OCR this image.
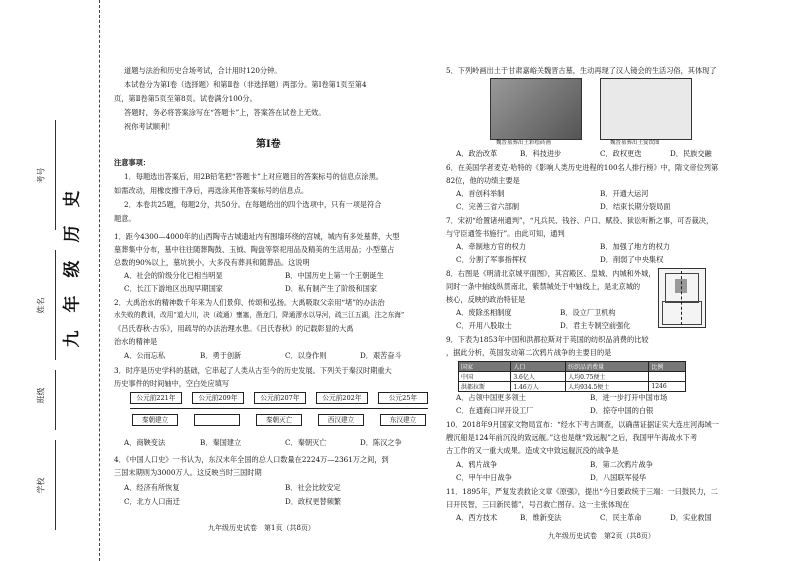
考号
姓名
班级
学校
九年级历史
道题与法治和历史合场考试，合计用时120分钟。
本试卷分为第Ⅰ卷（选择题）和第Ⅱ卷（非选择题）两部分。第Ⅰ卷第1页至第4
页，第Ⅱ卷第5页至第8页。试卷满分100分。
答题时，务必将答案涂写在“答题卡”上，答案答在试卷上无效。
祝你考试顺利！
第Ⅰ卷
注意事项：
1．每题选出答案后，用2B铅笔把“答题卡”上对应题目的答案标号的信息点涂黑。
如需改动，用橡皮擦干净后，再选涂其他答案标号的信息点。
2．本卷共25题，每题2分，共50分。在每题给出的四个选项中，只有一项是符合
题意。
1．距今4300—4000年的山西陶寺古城遗址内有围墙环绕的宫城，城内有多处墓葬，大型
墓葬集中分布，墓中往往随葬陶鼓、玉钺、陶盘等祭祀用品及精美的生活用品；小型墓占
总数的90%以上，墓坑狭小，大多没有葬具和随葬品。这说明
A．社会的阶级分化已相当明显	B．中国历史上第一个王朝诞生
C．长江下游地区出现早期国家	D．私有制产生了阶级和国家
2．大禹治水的精神数千年来为人们景仰、传颂和弘扬。大禹吸取父亲用“堵”的办法治
水失败的教训，改用“道大川，决（疏通）壅塞，凿龙门，降通漻水以导河，疏三江五湖，注之东海”
《吕氏春秋·古乐》，用疏导的办法治理水患。《吕氏春秋》的记载彰显的大禹
治水的精神是
A．公而忘私	B．勇于创新	C．以身作则	D．艰苦奋斗
3．时序是历史学科的基础，它串起了人类从古至今的历史发展。下列关于秦汉时期重大
历史事件的时间轴中，空白处应填写
公元前221年	公元前209年	公元前207年	公元前202年	公元25年
秦朝建立	秦朝灭亡	西汉建立	东汉建立
A．商鞅变法	B．秦国建立	C．秦朝灭亡	D．陈汉之争
4．《中国人口史》一书认为，东汉末年全国的总人口数量在2224万—2361万之间，到
三国末期则为3000万人。这反映当时三国时期
A．经济有所恢复	B．社会比较安定
C．北方人口南迁	D．政权更替频繁
九年级历史试卷　第1页（共8页）
5．下列岭画出土于甘肃嘉峪关魏晋古墓，生动再现了汉人镜会的生活习俗，其体现了
魏晋墓葬出土彩绘砖画	魏晋墓葬出土宴饮图
A．政治改革	B．科技进步	C．政权更迭	D．民族交融
6．在美国学者麦克·哈特的《影响人类历史进程的100名人排行榜》中，隋文帝位列第
82位，他的功绩主要是
A．首创科举制	B．开通大运河
C．完善三省六部制	D．结束长期分裂局面
7．宋初“给置诸州通判”，“凡兵民、钱谷、户口、赋役、狱讼听断之事，可否裁决，
与守臣通签书施行”。由此可知，通判
A．牵制地方官的权力	B．加强了地方的权力
C．分割了军事指挥权	D．削弱了中央集权
8．右图是《明清北京城平面图》，其宫殿区、皇城、内城和外城，
同时一条中轴线纵贯南北，紫禁城处于中轴线上，是北京城的
核心，反映的政治特征是
A．废除丞相制度	B．设立厂卫机构
C．开用八股取士	D．君主专制空前强化
9．下表为1853年中国和洪都拉斯对于英国的纺织品消费的比较
，据此分析，英国发动第二次鸦片战争的主要目的是
国家	人口	纺织品消费量	比例
中国	3.6亿人	人均0.75便士	
洪都拉斯	1.46万人	人均934.5便士	1246
A．占领中国更多领土	B．进一步打开中国市场
C．在通商口岸开设工厂	D．掠夺中国的白银
10．2018年9月国家文物局宣布：“经水下考古调查，以确凿证据证实大连庄河海域一
艘沉船是124年前沉没的致远舰。”这也是继“致远舰”之后，我国甲午海战水下考
古工作的又一重大成果。造成文中致远舰沉没的战争是
A．鸦片战争	B．第二次鸦片战争
C．甲午中日战争	D．八国联军侵华
11．1895年，严复发表救论文章《原强》，提出“今日要政统于三端：一曰鼓民力，二
曰开民智，三曰新民德”，号召救亡图存。这一主张体现在
A．西方技术	B．维新变法	C．民主革命	D．实业救国
九年级历史试卷　第2页（共8页）
